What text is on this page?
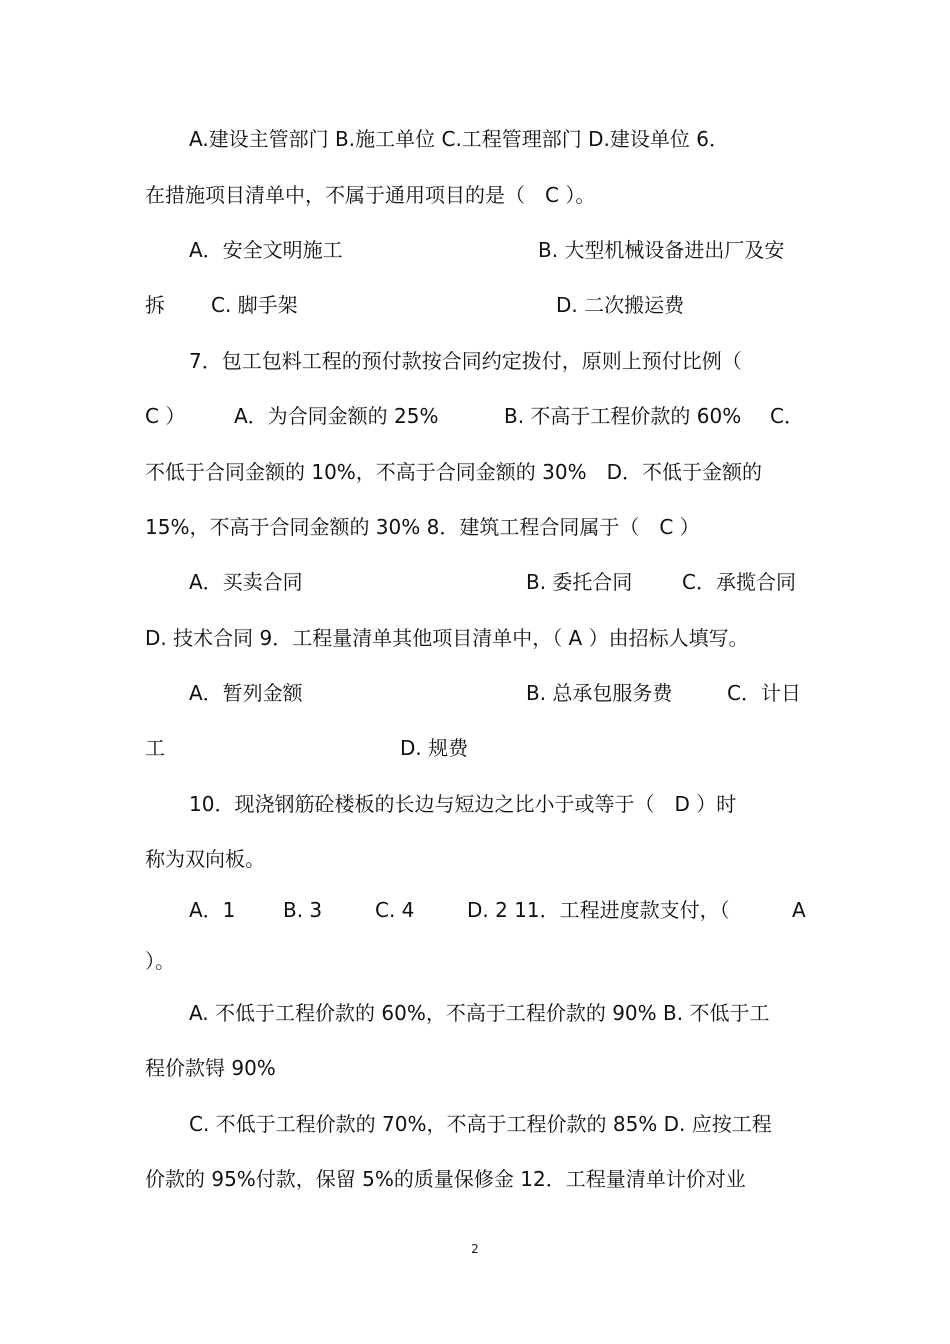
A.建设主管部门 B.施工单位 C.工程管理部门 D.建设单位 6．
在措施项目清单中，不属于通用项目的是（　C ）。
A．安全文明施工	B. 大型机械设备进出厂及安
拆 C. 脚手架	D. 二次搬运费
7．包工包料工程的预付款按合同约定拨付，原则上预付比例（
C ） A．为合同金额的 25%	B. 不高于工程价款的 60% C．
不低于合同金额的 10%，不高于合同金额的 30%　D．不低于金额的
15%，不高于合同金额的 30% 8．建筑工程合同属于（　C ）
A．买卖合同	B. 委托合同 C．承揽合同
D. 技术合同 9．工程量清单其他项目清单中，（ A ）由招标人填写。
A．暂列金额	B. 总承包服务费	C．计日
工	D. 规费
10．现浇钢筋砼楼板的长边与短边之比小于或等于（　D ）时
称为双向板。
A．1 B. 3	C. 4	D. 2 11．工程进度款支付，（	A
）。
A. 不低于工程价款的 60%，不高于工程价款的 90% B. 不低于工
程价款锝 90%
C. 不低于工程价款的 70%，不高于工程价款的 85% D. 应按工程
价款的 95%付款，保留 5%的质量保修金 12．工程量清单计价对业
2
